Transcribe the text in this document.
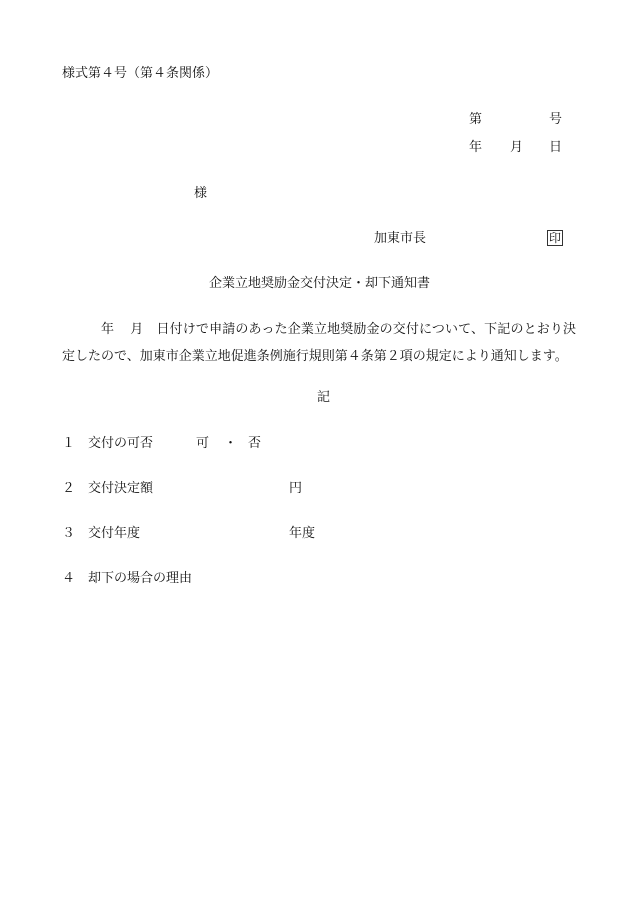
様式第４号（第４条関係）
第	号
年 月 日
様
加東市長	印
企業立地奨励金交付決定・却下通知書
年 月 日付けで申請のあった企業立地奨励金の交付について、下記のとおり決定したので、加東市企業立地促進条例施行規則第４条第２項の規定により通知します。
記
１ 交付の可否	可 ・ 否
２ 交付決定額	円
３ 交付年度	年度
４ 却下の場合の理由
